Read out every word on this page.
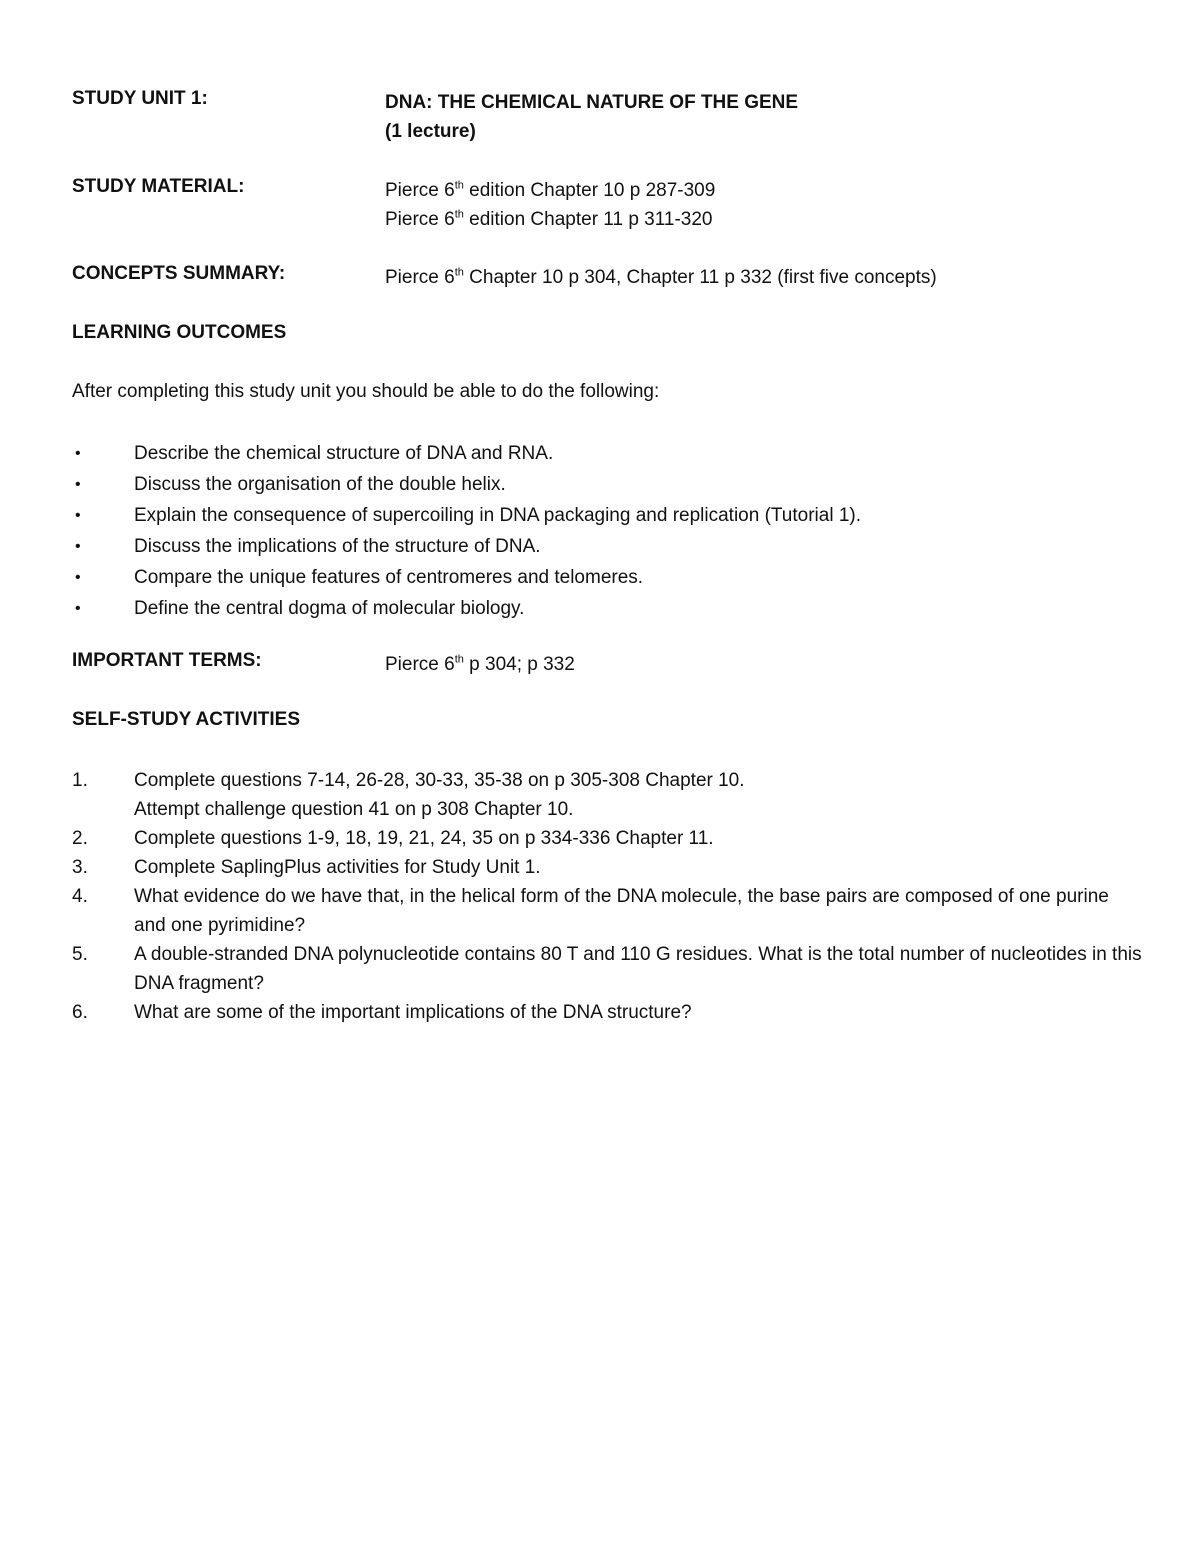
STUDY UNIT 1:	DNA: THE CHEMICAL NATURE OF THE GENE
(1 lecture)
STUDY MATERIAL:	Pierce 6th edition Chapter 10 p 287-309
Pierce 6th edition Chapter 11 p 311-320
CONCEPTS SUMMARY:	Pierce 6th Chapter 10 p 304, Chapter 11 p 332 (first five concepts)
LEARNING OUTCOMES
After completing this study unit you should be able to do the following:
•	Describe the chemical structure of DNA and RNA.
•	Discuss the organisation of the double helix.
•	Explain the consequence of supercoiling in DNA packaging and replication (Tutorial 1).
•	Discuss the implications of the structure of DNA.
•	Compare the unique features of centromeres and telomeres.
•	Define the central dogma of molecular biology.
IMPORTANT TERMS:	Pierce 6th p 304; p 332
SELF-STUDY ACTIVITIES
1. Complete questions 7-14, 26-28, 30-33, 35-38 on p 305-308 Chapter 10.
Attempt challenge question 41 on p 308 Chapter 10.
2. Complete questions 1-9, 18, 19, 21, 24, 35 on p 334-336 Chapter 11.
3. Complete SaplingPlus activities for Study Unit 1.
4. What evidence do we have that, in the helical form of the DNA molecule, the base pairs are composed of one purine and one pyrimidine?
5. A double-stranded DNA polynucleotide contains 80 T and 110 G residues. What is the total number of nucleotides in this DNA fragment?
6. What are some of the important implications of the DNA structure?
